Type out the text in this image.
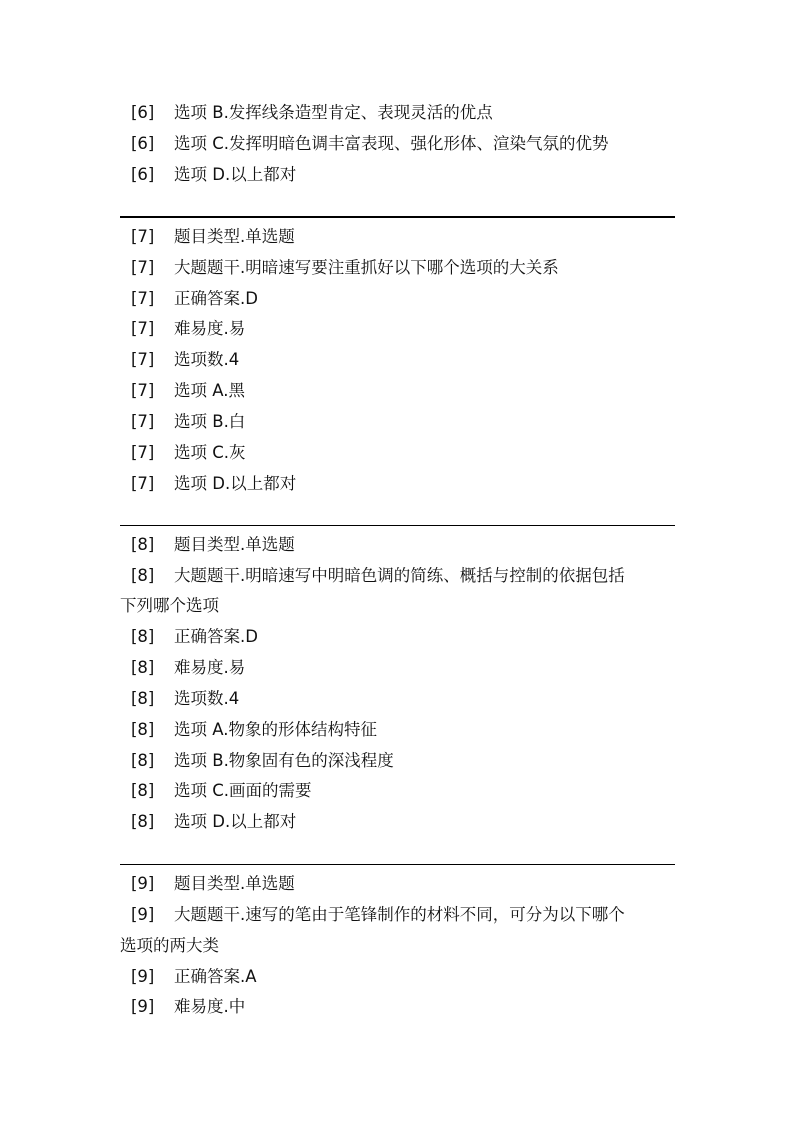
[6] 选项 B.发挥线条造型肯定、表现灵活的优点
[6] 选项 C.发挥明暗色调丰富表现、强化形体、渲染气氛的优势
[6] 选项 D.以上都对
[7] 题目类型.单选题
[7] 大题题干.明暗速写要注重抓好以下哪个选项的大关系
[7] 正确答案.D
[7] 难易度.易
[7] 选项数.4
[7] 选项 A.黑
[7] 选项 B.白
[7] 选项 C.灰
[7] 选项 D.以上都对
[8] 题目类型.单选题
[8] 大题题干.明暗速写中明暗色调的简练、概括与控制的依据包括
下列哪个选项
[8] 正确答案.D
[8] 难易度.易
[8] 选项数.4
[8] 选项 A.物象的形体结构特征
[8] 选项 B.物象固有色的深浅程度
[8] 选项 C.画面的需要
[8] 选项 D.以上都对
[9] 题目类型.单选题
[9] 大题题干.速写的笔由于笔锋制作的材料不同，可分为以下哪个
选项的两大类
[9] 正确答案.A
[9] 难易度.中
